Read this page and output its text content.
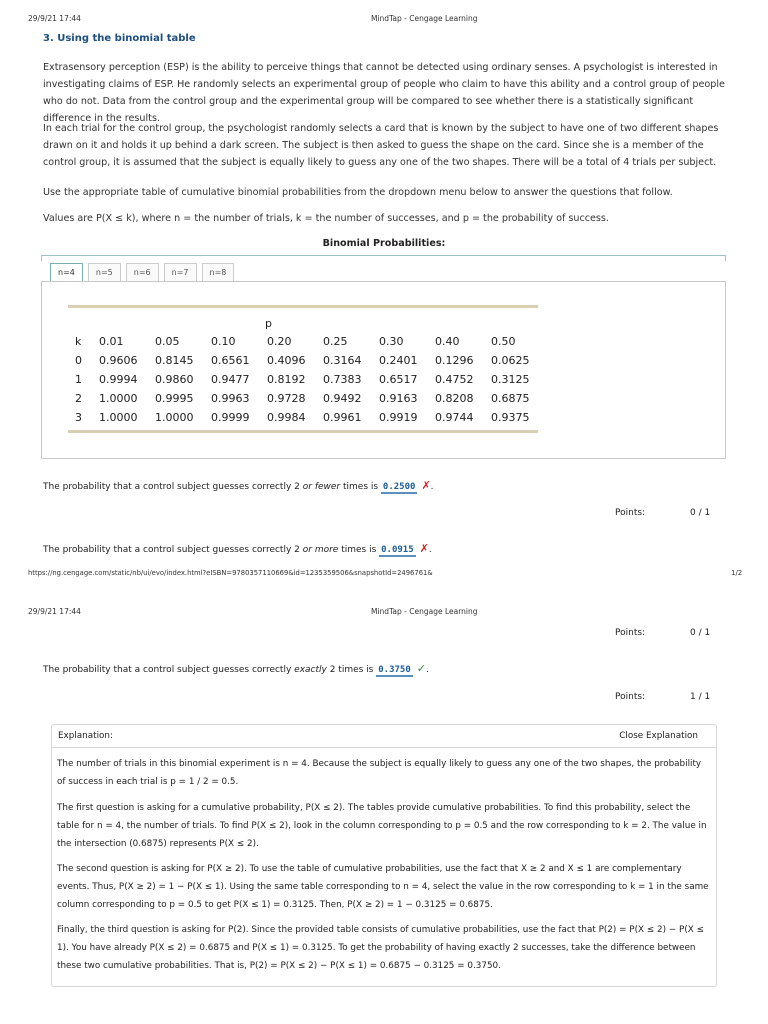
29/9/21 17:44	MindTap - Cengage Learning
3. Using the binomial table

Extrasensory perception (ESP) is the ability to perceive things that cannot be detected using ordinary senses. A psychologist is interested in investigating claims of ESP. He randomly selects an experimental group of people who claim to have this ability and a control group of people who do not. Data from the control group and the experimental group will be compared to see whether there is a statistically significant difference in the results.

In each trial for the control group, the psychologist randomly selects a card that is known by the subject to have one of two different shapes drawn on it and holds it up behind a dark screen. The subject is then asked to guess the shape on the card. Since she is a member of the control group, it is assumed that the subject is equally likely to guess any one of the two shapes. There will be a total of 4 trials per subject.

Use the appropriate table of cumulative binomial probabilities from the dropdown menu below to answer the questions that follow.

Values are P(X ≤ k), where n = the number of trials, k = the number of successes, and p = the probability of success.

Binomial Probabilities:
n=4	n=5	n=6	n=7	n=8
p
k	0.01	0.05	0.10	0.20	0.25	0.30	0.40	0.50
0	0.9606	0.8145	0.6561	0.4096	0.3164	0.2401	0.1296	0.0625
1	0.9994	0.9860	0.9477	0.8192	0.7383	0.6517	0.4752	0.3125
2	1.0000	0.9995	0.9963	0.9728	0.9492	0.9163	0.8208	0.6875
3	1.0000	1.0000	0.9999	0.9984	0.9961	0.9919	0.9744	0.9375
The probability that a control subject guesses correctly 2 or fewer times is 0.2500 ✗.
Points:	0 / 1
The probability that a control subject guesses correctly 2 or more times is 0.0915 ✗.
https://ng.cengage.com/static/nb/ui/evo/index.html?eISBN=9780357110669&id=1235359506&snapshotId=2496761&	1/2
29/9/21 17:44	MindTap - Cengage Learning
Points:	0 / 1
The probability that a control subject guesses correctly exactly 2 times is 0.3750 ✓.
Points:	1 / 1
Explanation:	Close Explanation

The number of trials in this binomial experiment is n = 4. Because the subject is equally likely to guess any one of the two shapes, the probability of success in each trial is p = 1 / 2 = 0.5.

The first question is asking for a cumulative probability, P(X ≤ 2). The tables provide cumulative probabilities. To find this probability, select the table for n = 4, the number of trials. To find P(X ≤ 2), look in the column corresponding to p = 0.5 and the row corresponding to k = 2. The value in the intersection (0.6875) represents P(X ≤ 2).

The second question is asking for P(X ≥ 2). To use the table of cumulative probabilities, use the fact that X ≥ 2 and X ≤ 1 are complementary events. Thus, P(X ≥ 2) = 1 − P(X ≤ 1). Using the same table corresponding to n = 4, select the value in the row corresponding to k = 1 in the same column corresponding to p = 0.5 to get P(X ≤ 1) = 0.3125. Then, P(X ≥ 2) = 1 − 0.3125 = 0.6875.

Finally, the third question is asking for P(2). Since the provided table consists of cumulative probabilities, use the fact that P(2) = P(X ≤ 2) − P(X ≤ 1). You have already P(X ≤ 2) = 0.6875 and P(X ≤ 1) = 0.3125. To get the probability of having exactly 2 successes, take the difference between these two cumulative probabilities. That is, P(2) = P(X ≤ 2) − P(X ≤ 1) = 0.6875 − 0.3125 = 0.3750.
